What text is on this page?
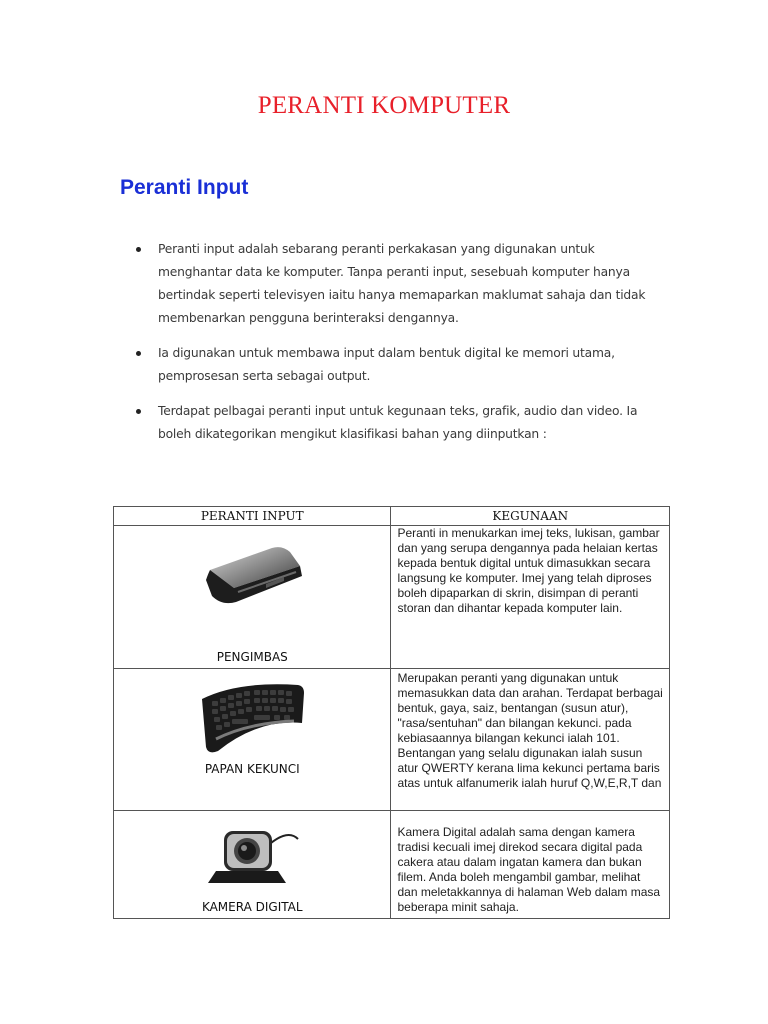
PERANTI KOMPUTER
Peranti Input
Peranti input adalah sebarang peranti perkakasan yang digunakan untuk menghantar data ke komputer. Tanpa peranti input, sesebuah komputer hanya bertindak seperti televisyen iaitu hanya memaparkan maklumat sahaja dan tidak membenarkan pengguna berinteraksi dengannya.
Ia digunakan untuk membawa input dalam bentuk digital ke memori utama, pemprosesan serta sebagai output.
Terdapat pelbagai peranti input untuk kegunaan teks, grafik, audio dan video. Ia boleh dikategorikan mengikut klasifikasi bahan yang diinputkan :
PERANTI INPUT	KEGUNAAN

PENGIMBAS	Peranti in menukarkan imej teks, lukisan, gambar dan yang serupa dengannya pada helaian kertas kepada bentuk digital untuk dimasukkan secara langsung ke komputer. Imej yang telah diproses boleh dipaparkan di skrin, disimpan di peranti storan dan dihantar kepada komputer lain.

PAPAN KEKUNCI	Merupakan peranti yang digunakan untuk memasukkan data dan arahan. Terdapat berbagai bentuk, gaya, saiz, bentangan (susun atur), "rasa/sentuhan" dan bilangan kekunci. pada kebiasaannya bilangan kekunci ialah 101. Bentangan yang selalu digunakan ialah susun atur QWERTY kerana lima kekunci pertama baris atas untuk alfanumerik ialah huruf Q,W,E,R,T dan

KAMERA DIGITAL	Kamera Digital adalah sama dengan kamera tradisi kecuali imej direkod secara digital pada cakera atau dalam ingatan kamera dan bukan filem. Anda boleh mengambil gambar, melihat dan meletakkannya di halaman Web dalam masa beberapa minit sahaja.
